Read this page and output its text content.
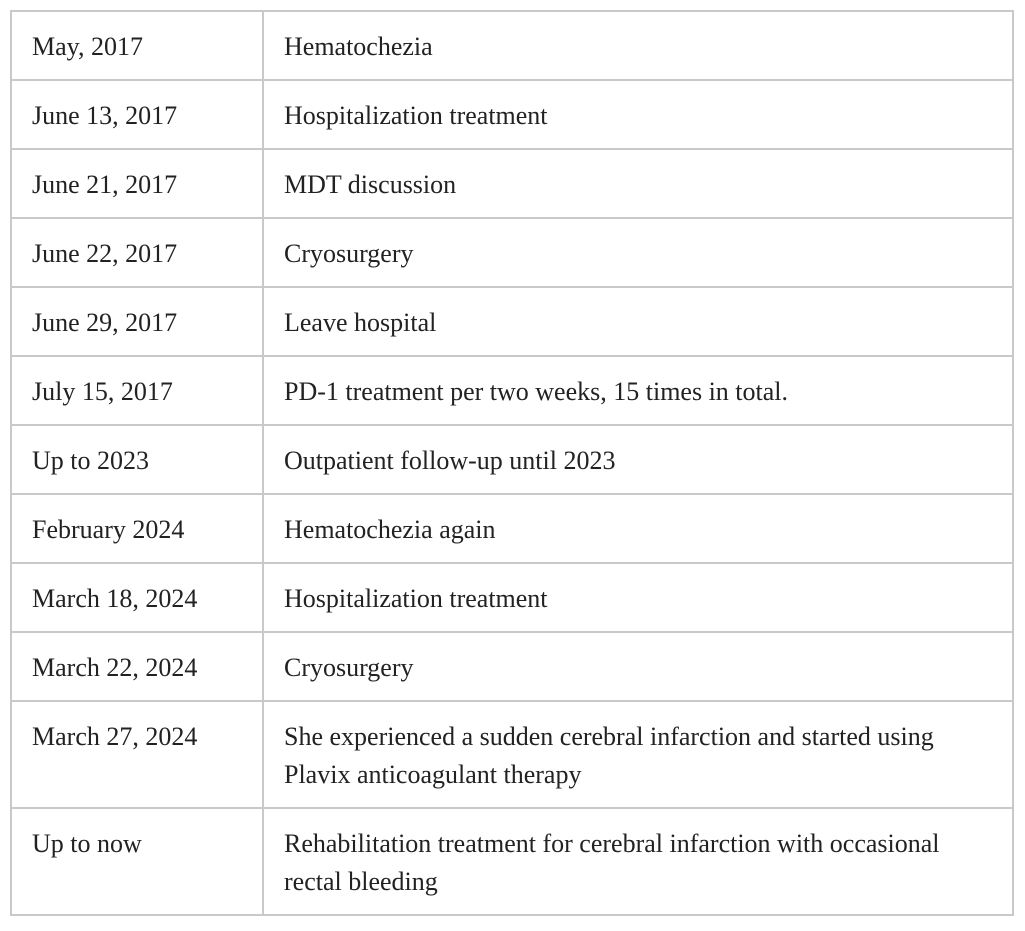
May, 2017	Hematochezia
June 13, 2017	Hospitalization treatment
June 21, 2017	MDT discussion
June 22, 2017	Cryosurgery
June 29, 2017	Leave hospital
July 15, 2017	PD-1 treatment per two weeks, 15 times in total.
Up to 2023	Outpatient follow-up until 2023
February 2024	Hematochezia again
March 18, 2024	Hospitalization treatment
March 22, 2024	Cryosurgery
March 27, 2024	She experienced a sudden cerebral infarction and started using Plavix anticoagulant therapy
Up to now	Rehabilitation treatment for cerebral infarction with occasional rectal bleeding
